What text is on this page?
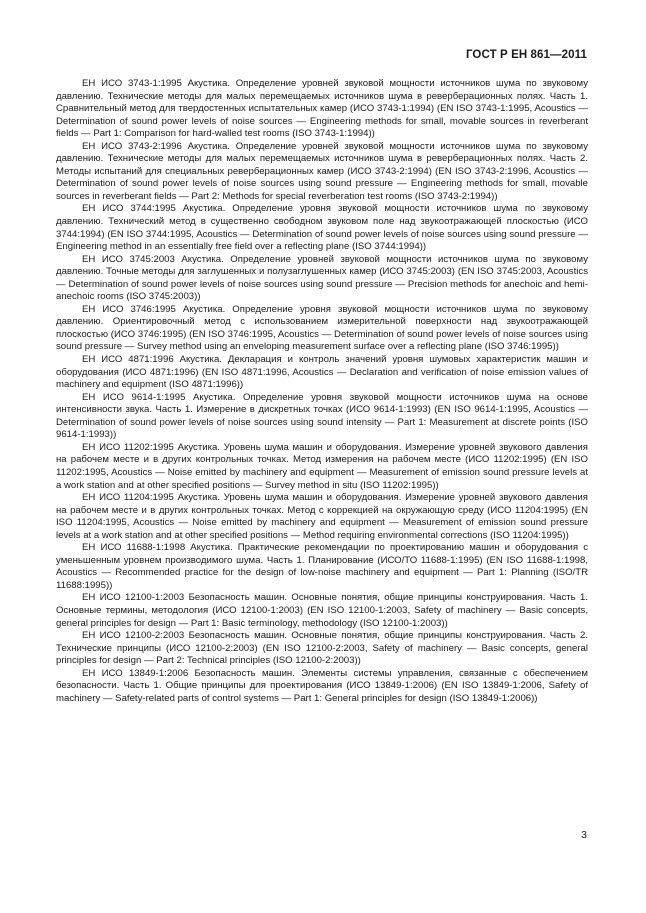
ГОСТ Р ЕН 861—2011

ЕН ИСО 3743-1:1995 Акустика. Определение уровней звуковой мощности источников шума по звуковому давлению. Технические методы для малых перемещаемых источников шума в реверберационных полях. Часть 1. Сравнительный метод для твердостенных испытательных камер (ИСО 3743-1:1994) (EN ISO 3743-1:1995, Acoustics — Determination of sound power levels of noise sources — Engineering methods for small, movable sources in reverberant fields — Part 1: Comparison for hard-walled test rooms (ISO 3743-1:1994))

ЕН ИСО 3743-2:1996 Акустика. Определение уровней звуковой мощности источников шума по звуковому давлению. Технические методы для малых перемещаемых источников шума в реверберационных полях. Часть 2. Методы испытаний для специальных реверберационных камер (ИСО 3743-2:1994) (EN ISO 3743-2:1996, Acoustics — Determination of sound power levels of noise sources using sound pressure — Engineering methods for small, movable sources in reverberant fields — Part 2: Methods for special reverberation test rooms (ISO 3743-2:1994))

ЕН ИСО 3744:1995 Акустика. Определение уровня звуковой мощности источников шума по звуковому давлению. Технический метод в существенно свободном звуковом поле над звукоотражающей плоскостью (ИСО 3744:1994) (EN ISO 3744:1995, Acoustics — Determination of sound power levels of noise sources using sound pressure — Engineering method in an essentially free field over a reflecting plane (ISO 3744:1994))

ЕН ИСО 3745:2003 Акустика. Определение уровней звуковой мощности источников шума по звуковому давлению. Точные методы для заглушенных и полузаглушенных камер (ИСО 3745:2003) (EN ISO 3745:2003, Acoustics — Determination of sound power levels of noise sources using sound pressure — Precision methods for anechoic and hemi-anechoic rooms (ISO 3745:2003))

ЕН ИСО 3746:1995 Акустика. Определение уровня звуковой мощности источников шума по звуковому давлению. Ориентировочный метод с использованием измерительной поверхности над звукоотражающей плоскостью (ИСО 3746:1995) (EN ISO 3746:1995, Acoustics — Determination of sound power levels of noise sources using sound pressure — Survey method using an enveloping measurement surface over a reflecting plane (ISO 3746:1995))

ЕН ИСО 4871:1996 Акустика. Декларация и контроль значений уровня шумовых характеристик машин и оборудования (ИСО 4871:1996) (EN ISO 4871:1996, Acoustics — Declaration and verification of noise emission values of machinery and equipment (ISO 4871:1996))

ЕН ИСО 9614-1:1995 Акустика. Определение уровня звуковой мощности источников шума на основе интенсивности звука. Часть 1. Измерение в дискретных точках (ИСО 9614-1:1993) (EN ISO 9614-1:1995, Acoustics — Determination of sound power levels of noise sources using sound intensity — Part 1: Measurement at discrete points (ISO 9614-1:1993))

ЕН ИСО 11202:1995 Акустика. Уровень шума машин и оборудования. Измерение уровней звукового давления на рабочем месте и в других контрольных точках. Метод измерения на рабочем месте (ИСО 11202:1995) (EN ISO 11202:1995, Acoustics — Noise emitted by machinery and equipment — Measurement of emission sound pressure levels at a work station and at other specified positions — Survey method in situ (ISO 11202:1995))

ЕН ИСО 11204:1995 Акустика. Уровень шума машин и оборудования. Измерение уровней звукового давления на рабочем месте и в других контрольных точках. Метод с коррекцией на окружающую среду (ИСО 11204:1995) (EN ISO 11204:1995, Acoustics — Noise emitted by machinery and equipment — Measurement of emission sound pressure levels at a work station and at other specified positions — Method requiring environmental corrections (ISO 11204:1995))

ЕН ИСО 11688-1:1998 Акустика. Практические рекомендации по проектированию машин и оборудования с уменьшенным уровнем производимого шума. Часть 1. Планирование (ИСО/ТО 11688-1:1995) (EN ISO 11688-1:1998, Acoustics — Recommended practice for the design of low-noise machinery and equipment — Part 1: Planning (ISO/TR 11688:1995))

ЕН ИСО 12100-1:2003 Безопасность машин. Основные понятия, общие принципы конструирования. Часть 1. Основные термины, методология (ИСО 12100-1:2003) (EN ISO 12100-1:2003, Safety of machinery — Basic concepts, general principles for design — Part 1: Basic terminology, methodology (ISO 12100-1:2003))

ЕН ИСО 12100-2:2003 Безопасность машин. Основные понятия, общие принципы конструирования. Часть 2. Технические принципы (ИСО 12100-2:2003) (EN ISO 12100-2:2003, Safety of machinery — Basic concepts, general principles for design — Part 2: Technical principles (ISO 12100-2:2003))

ЕН ИСО 13849-1:2006 Безопасность машин. Элементы системы управления, связанные с обеспечением безопасности. Часть 1. Общие принципы для проектирования (ИСО 13849-1:2006) (EN ISO 13849-1:2006, Safety of machinery — Safety-related parts of control systems — Part 1: General principles for design (ISO 13849-1:2006))

3
